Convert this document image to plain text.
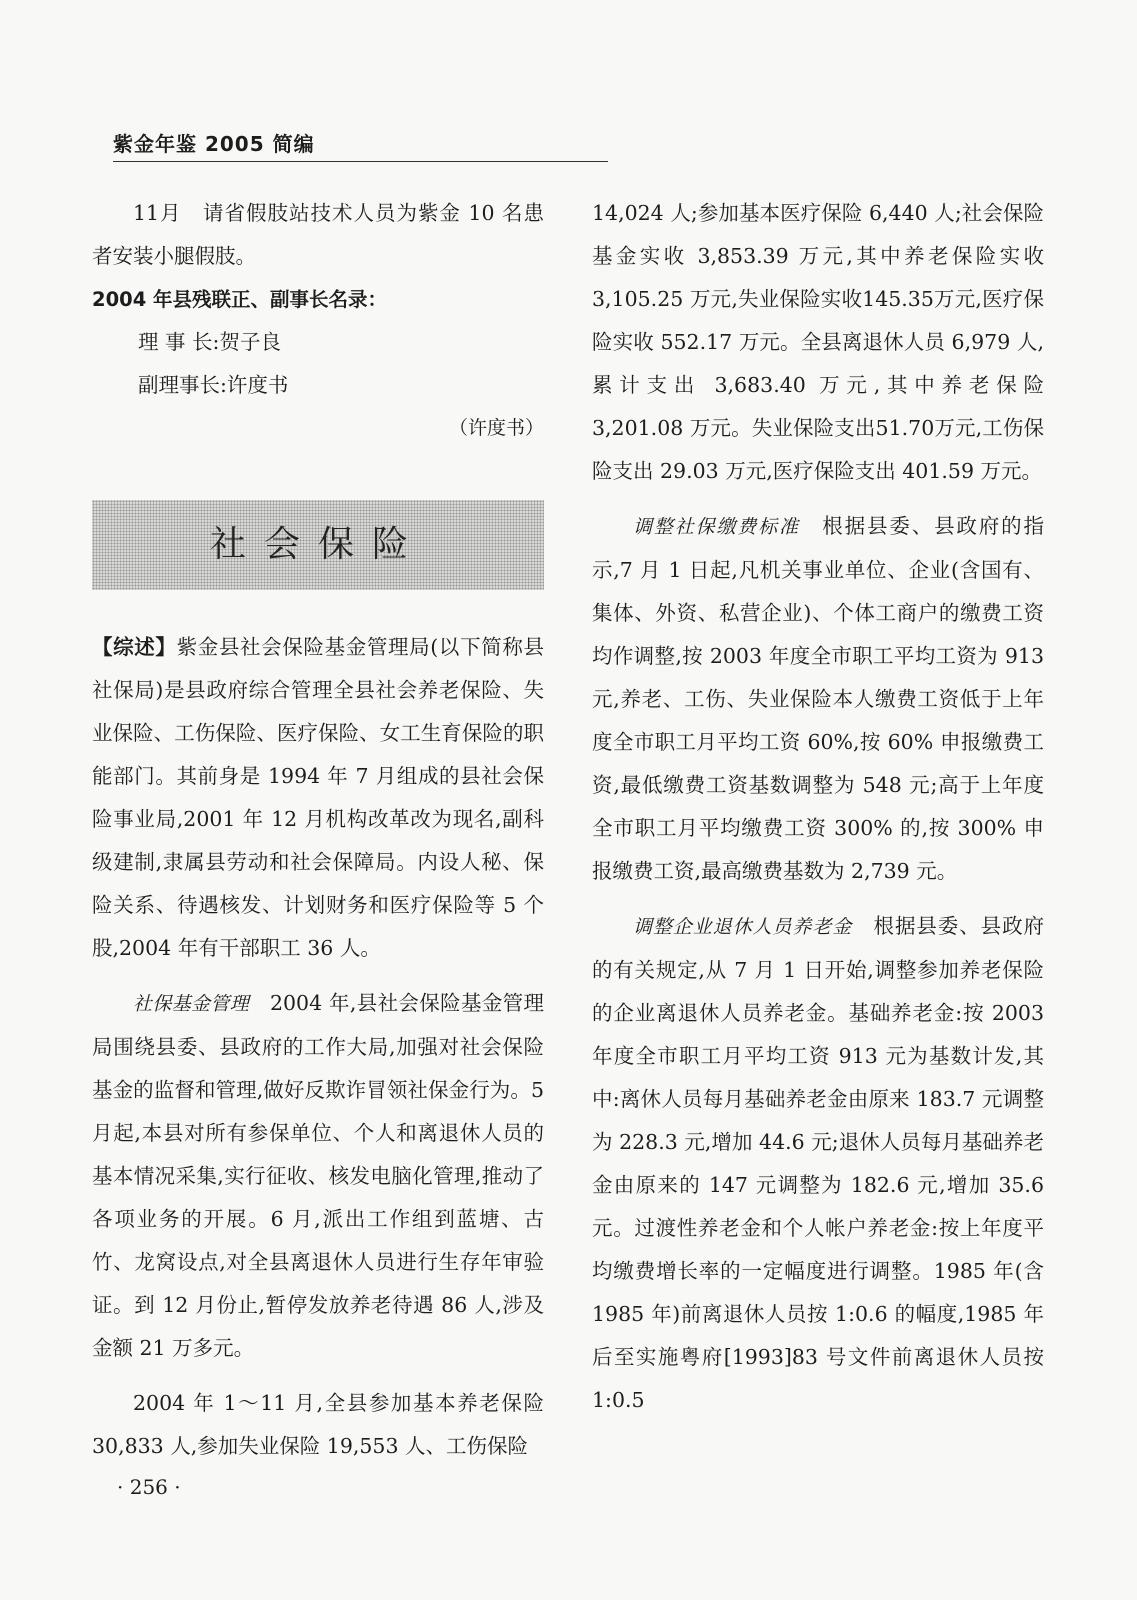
紫金年鉴 2005 简编

11月　请省假肢站技术人员为紫金 10 名患者安装小腿假肢。

2004 年县残联正、副事长名录：

理 事 长:贺子良

副理事长:许度书

（许度书）

社会保险

【综述】紫金县社会保险基金管理局(以下简称县社保局)是县政府综合管理全县社会养老保险、失业保险、工伤保险、医疗保险、女工生育保险的职能部门。其前身是 1994 年 7 月组成的县社会保险事业局,2001 年 12 月机构改革改为现名,副科级建制,隶属县劳动和社会保障局。内设人秘、保险关系、待遇核发、计划财务和医疗保险等 5 个股,2004 年有干部职工 36 人。

社保基金管理　 2004 年,县社会保险基金管理局围绕县委、县政府的工作大局,加强对社会保险基金的监督和管理,做好反欺诈冒领社保金行为。5 月起,本县对所有参保单位、个人和离退休人员的基本情况采集,实行征收、核发电脑化管理,推动了各项业务的开展。6 月,派出工作组到蓝塘、古竹、龙窝设点,对全县离退休人员进行生存年审验证。到 12 月份止,暂停发放养老待遇 86 人,涉及金额 21 万多元。

2004 年 1～11 月,全县参加基本养老保险 30,833 人,参加失业保险 19,553 人、工伤保险

14,024 人;参加基本医疗保险 6,440 人;社会保险基金实收 3,853.39 万元,其中养老保险实收 3,105.25 万元,失业保险实收145.35万元,医疗保险实收 552.17 万元。全县离退休人员 6,979 人,累计支出 3,683.40 万元,其中养老保险 3,201.08 万元。失业保险支出51.70万元,工伤保险支出 29.03 万元,医疗保险支出 401.59 万元。

调整社保缴费标准　 根据县委、县政府的指示,7 月 1 日起,凡机关事业单位、企业(含国有、集体、外资、私营企业)、个体工商户的缴费工资均作调整,按 2003 年度全市职工平均工资为 913 元,养老、工伤、失业保险本人缴费工资低于上年度全市职工月平均工资 60%,按 60% 申报缴费工资,最低缴费工资基数调整为 548 元;高于上年度全市职工月平均缴费工资 300% 的,按 300% 申报缴费工资,最高缴费基数为 2,739 元。

调整企业退休人员养老金　 根据县委、县政府的有关规定,从 7 月 1 日开始,调整参加养老保险的企业离退休人员养老金。基础养老金:按 2003 年度全市职工月平均工资 913 元为基数计发,其中:离休人员每月基础养老金由原来 183.7 元调整为 228.3 元,增加 44.6 元;退休人员每月基础养老金由原来的 147 元调整为 182.6 元,增加 35.6 元。过渡性养老金和个人帐户养老金:按上年度平均缴费增长率的一定幅度进行调整。1985 年(含 1985 年)前离退休人员按 1:0.6 的幅度,1985 年后至实施粤府[1993]83 号文件前离退休人员按 1:0.5

· 256 ·
